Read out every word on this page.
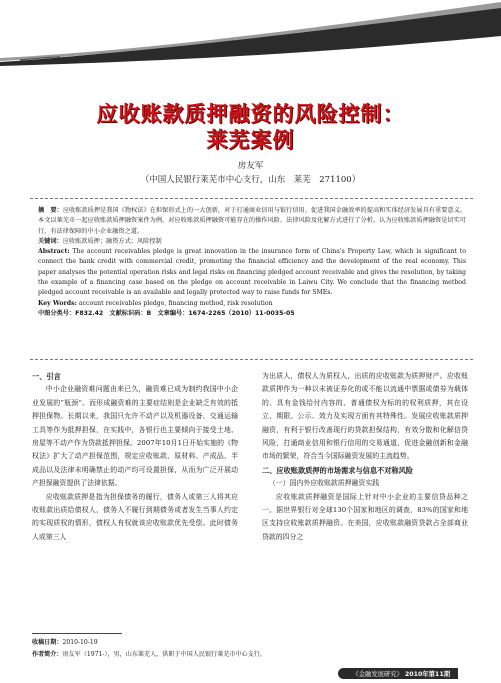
案例研究
应收账款质押融资的风险控制：
莱芜案例
房友军
（中国人民银行莱芜市中心支行，山东　莱芜　271100）

摘　要：应收账款质押是我国《物权法》在担保形式上的一大创新，对于打通商业信用与银行信用、促进我国金融效率的提高和实体经济发展具有重要意义。本文以莱芜市一起应收账款质押融资案件为例，对应收账款质押融资可能存在的操作风险、法律风险及化解方式进行了分析，认为应收账款质押融资是切实可行、有法律保障的中小企业融资之道。

关键词：应收账款质押；融资方式；风险控制

Abstract: The account receivables pledge is great innovation in the insurance form of China's Property Law, which is significant to connect the bank credit with commercial credit, promoting the financial efficiency and the development of the real economy. This paper analyses the potential operation risks and legal risks on financing pledged account receivable and gives the resolution, by taking the example of a financing case based on the pledge on account receivable in Laiwu City. We conclude that the financing method pledged account receivable is an available and legally protected way to raise funds for SMEs.

Key Words: account receivables pledge, financing method, risk resolution

中图分类号：F832.42　文献标识码：B　文章编号：1674-2265（2010）11-0035-05

一、引言

中小企业融资难问题由来已久，融资难已成为制约我国中小企业发展的“瓶颈”。而形成融资难的主要症结则是企业缺乏有效的抵押担保物。长期以来，我国只允许不动产以及机器设备、交通运输工具等作为抵押担保，在实践中，各银行也主要倾向于接受土地、房屋等不动产作为贷款抵押担保。2007年10月1日开始实施的《物权法》扩大了动产担保范围，规定应收账款、原材料、产成品、半成品以及法律未明确禁止的动产均可设置担保，从而为广泛开展动产担保融资提供了法律依据。

应收账款质押是指为担保债务的履行，债务人或第三人将其应收账款出质给债权人，债务人不履行到期债务或者发生当事人约定的实现质权的情形，债权人有权就该应收账款优先受偿。此时债务人或第三人

为出质人，债权人为质权人，出质的应收账款为质押财产。应收账款质押作为一种以未被证券化的或不能以流通中票据或债券为载体的、具有金钱给付内容的、普通债权为标的的权利质押，其在设立、期限、公示、效力及实现方面有其特殊性。发展应收账款质押融资，有利于银行改善现行的贷款担保结构，有效分散和化解信贷风险，打通商业信用和银行信用的交易通道，促进金融创新和金融市场的繁荣，符合当今国际融资发展的主流趋势。

二、应收账款质押的市场需求与信息不对称风险
（一）国内外应收账款质押融资实践

应收账款质押融资是国际上针对中小企业的主要信贷品种之一。据世界银行对全球130个国家和地区的调查，83%的国家和地区支持应收账款质押融资。在美国，应收账款融资贷款占全部商业贷款的四分之

收稿日期：2010-10-19
作者简介：房友军（1971-），男，山东莱芜人，供职于中国人民银行莱芜市中心支行。
《金融发展研究》 2010年第11期
